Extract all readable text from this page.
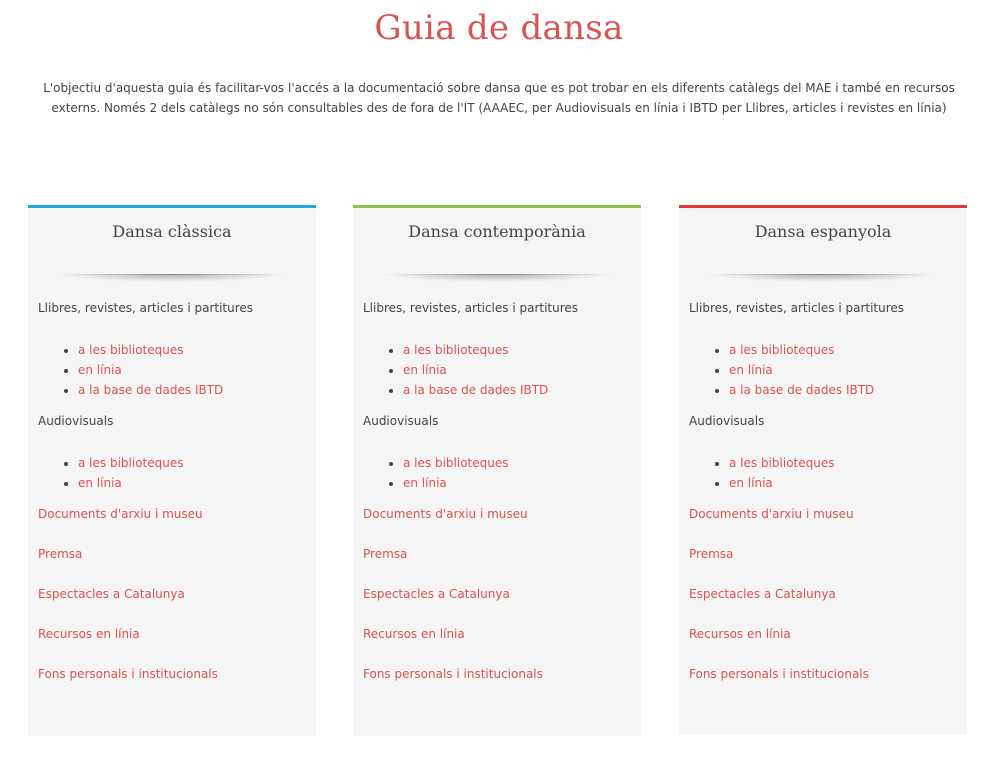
Guia de dansa

L'objectiu d'aquesta guia és facilitar-vos l'accés a la documentació sobre dansa que es pot trobar en els diferents catàlegs del MAE i també en recursos externs. Només 2 dels catàlegs no són consultables des de fora de l'IT (AAAEC, per Audiovisuals en línia i IBTD per Llibres, articles i revistes en línia)

Dansa clàssica

Llibres, revistes, articles i partitures

• a les biblioteques
• en línia
• a la base de dades IBTD

Audiovisuals

• a les biblioteques
• en línia
Documents d'arxiu i museu
Premsa
Espectacles a Catalunya
Recursos en línia
Fons personals i institucionals
Dansa contemporània

Llibres, revistes, articles i partitures

• a les biblioteques
• en línia
• a la base de dades IBTD

Audiovisuals

• a les biblioteques
• en línia
Documents d'arxiu i museu
Premsa
Espectacles a Catalunya
Recursos en línia
Fons personals i institucionals
Dansa espanyola

Llibres, revistes, articles i partitures

• a les biblioteques
• en línia
• a la base de dades IBTD

Audiovisuals

• a les biblioteques
• en línia
Documents d'arxiu i museu
Premsa
Espectacles a Catalunya
Recursos en línia
Fons personals i institucionals
